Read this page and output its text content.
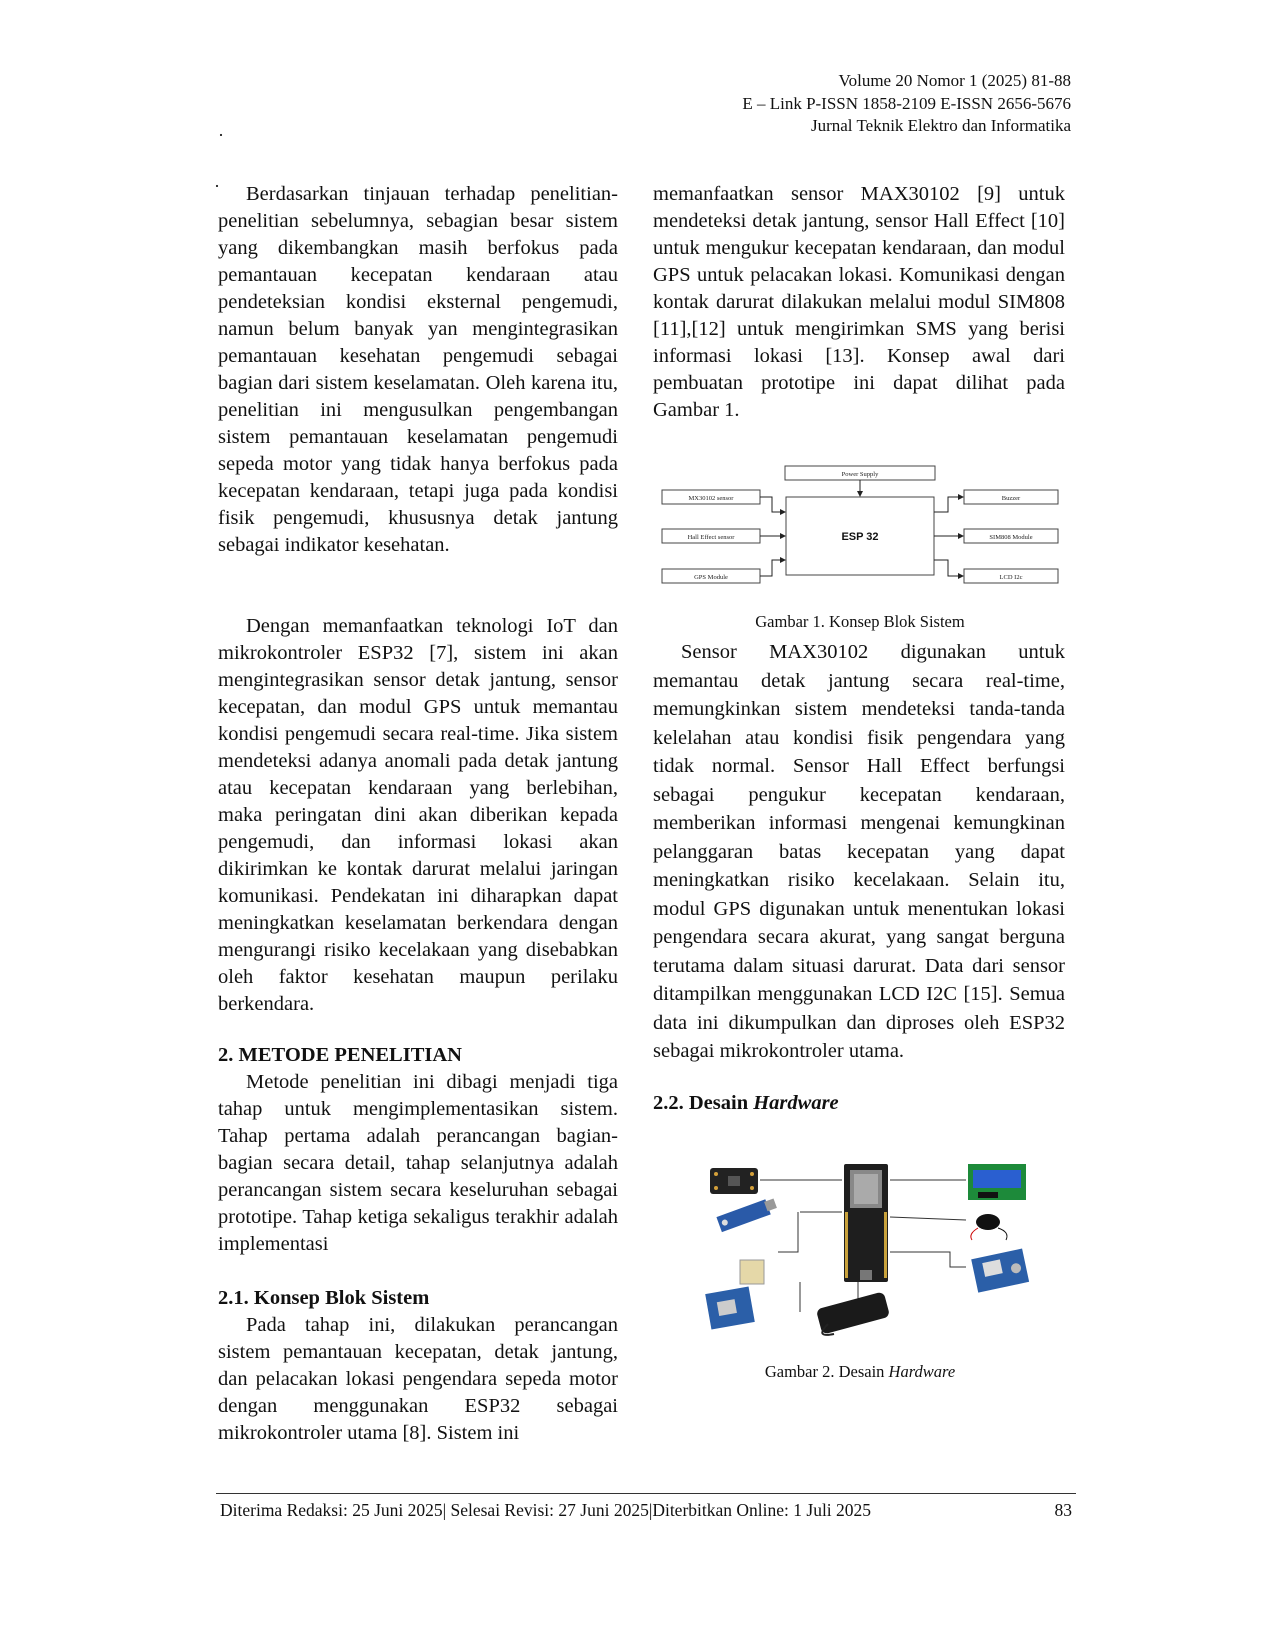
Volume 20 Nomor 1 (2025) 81-88
E – Link P-ISSN 1858-2109 E-ISSN 2656-5676
Jurnal Teknik Elektro dan Informatika
·
·	Berdasarkan tinjauan terhadap penelitian-penelitian sebelumnya, sebagian besar sistem yang dikembangkan masih berfokus pada pemantauan kecepatan kendaraan atau pendeteksian kondisi eksternal pengemudi, namun belum banyak yan mengintegrasikan pemantauan kesehatan pengemudi sebagai bagian dari sistem keselamatan. Oleh karena itu, penelitian ini mengusulkan pengembangan sistem pemantauan keselamatan pengemudi sepeda motor yang tidak hanya berfokus pada kecepatan kendaraan, tetapi juga pada kondisi fisik pengemudi, khususnya detak jantung sebagai indikator kesehatan.

Dengan memanfaatkan teknologi IoT dan mikrokontroler ESP32 [7], sistem ini akan mengintegrasikan sensor detak jantung, sensor kecepatan, dan modul GPS untuk memantau kondisi pengemudi secara real-time. Jika sistem mendeteksi adanya anomali pada detak jantung atau kecepatan kendaraan yang berlebihan, maka peringatan dini akan diberikan kepada pengemudi, dan informasi lokasi akan dikirimkan ke kontak darurat melalui jaringan komunikasi. Pendekatan ini diharapkan dapat meningkatkan keselamatan berkendara dengan mengurangi risiko kecelakaan yang disebabkan oleh faktor kesehatan maupun perilaku berkendara.

2. METODE PENELITIAN

Metode penelitian ini dibagi menjadi tiga tahap untuk mengimplementasikan sistem. Tahap pertama adalah perancangan bagian-bagian secara detail, tahap selanjutnya adalah perancangan sistem secara keseluruhan sebagai prototipe. Tahap ketiga sekaligus terakhir adalah implementasi

2.1. Konsep Blok Sistem

Pada tahap ini, dilakukan perancangan sistem pemantauan kecepatan, detak jantung, dan pelacakan lokasi pengendara sepeda motor dengan menggunakan ESP32 sebagai mikrokontroler utama [8]. Sistem ini

memanfaatkan sensor MAX30102 [9] untuk mendeteksi detak jantung, sensor Hall Effect [10] untuk mengukur kecepatan kendaraan, dan modul GPS untuk pelacakan lokasi. Komunikasi dengan kontak darurat dilakukan melalui modul SIM808 [11],[12] untuk mengirimkan SMS yang berisi informasi lokasi [13]. Konsep awal dari pembuatan prototipe ini dapat dilihat pada Gambar 1.

Power Supply
MX30102 sensor
Hall Effect sensor
GPS Module
Buzzer
SIM808 Module
LCD I2c
ESP 32
Gambar 1. Konsep Blok Sistem

Sensor MAX30102 digunakan untuk memantau detak jantung secara real-time, memungkinkan sistem mendeteksi tanda-tanda kelelahan atau kondisi fisik pengendara yang tidak normal. Sensor Hall Effect berfungsi sebagai pengukur kecepatan kendaraan, memberikan informasi mengenai kemungkinan pelanggaran batas kecepatan yang dapat meningkatkan risiko kecelakaan. Selain itu, modul GPS digunakan untuk menentukan lokasi pengendara secara akurat, yang sangat berguna terutama dalam situasi darurat. Data dari sensor ditampilkan menggunakan LCD I2C [15]. Semua data ini dikumpulkan dan diproses oleh ESP32 sebagai mikrokontroler utama.

2.2. Desain Hardware

Gambar 2. Desain Hardware
Diterima Redaksi: 25 Juni 2025| Selesai Revisi: 27 Juni 2025|Diterbitkan Online: 1 Juli 2025	83
